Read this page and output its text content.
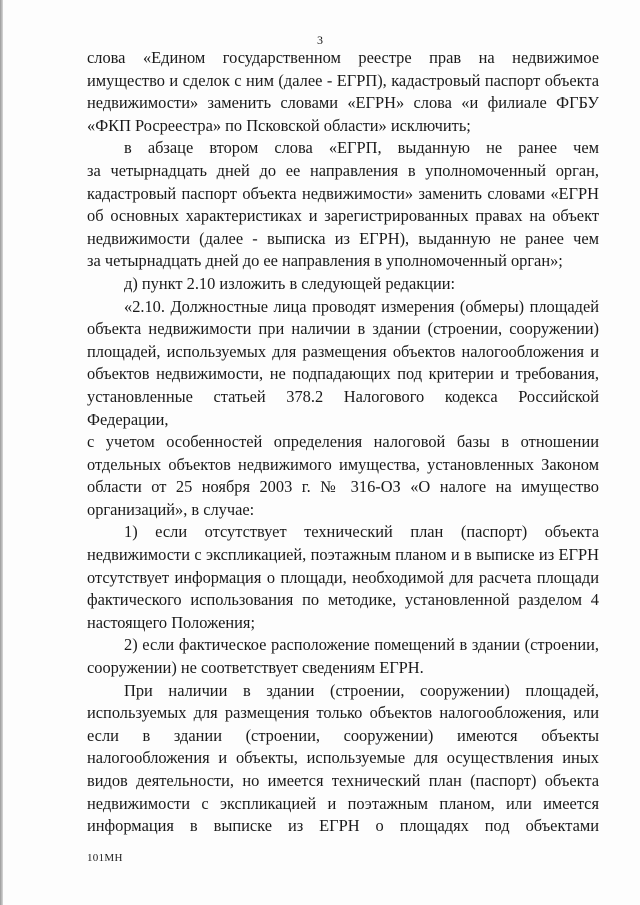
3

слова «Едином государственном реестре прав на недвижимое

имущество и сделок с ним (далее - ЕГРП), кадастровый паспорт объекта

недвижимости» заменить словами «ЕГРН» слова «и филиале ФГБУ

«ФКП Росреестра» по Псковской области» исключить;

в абзаце втором слова «ЕГРП, выданную не ранее чем

за четырнадцать дней до ее направления в уполномоченный орган,

кадастровый паспорт объекта недвижимости» заменить словами «ЕГРН

об основных характеристиках и зарегистрированных правах на объект

недвижимости (далее - выписка из ЕГРН), выданную не ранее чем

за четырнадцать дней до ее направления в уполномоченный орган»;

д) пункт 2.10 изложить в следующей редакции:

«2.10. Должностные лица проводят измерения (обмеры) площадей

объекта недвижимости при наличии в здании (строении, сооружении)

площадей, используемых для размещения объектов налогообложения и

объектов недвижимости, не подпадающих под критерии и требования,

установленные статьей 378.2 Налогового кодекса Российской Федерации,

с учетом особенностей определения налоговой базы в отношении

отдельных объектов недвижимого имущества, установленных Законом

области от 25 ноября 2003 г. № 316-ОЗ «О налоге на имущество

организаций», в случае:

1) если отсутствует технический план (паспорт) объекта

недвижимости с экспликацией, поэтажным планом и в выписке из ЕГРН

отсутствует информация о площади, необходимой для расчета площади

фактического использования по методике, установленной разделом 4

настоящего Положения;

2) если фактическое расположение помещений в здании (строении,

сооружении) не соответствует сведениям ЕГРН.

При наличии в здании (строении, сооружении) площадей,

используемых для размещения только объектов налогообложения, или

если в здании (строении, сооружении) имеются объекты

налогообложения и объекты, используемые для осуществления иных

видов деятельности, но имеется технический план (паспорт) объекта

недвижимости с экспликацией и поэтажным планом, или имеется

информация в выписке из ЕГРН о площадях под объектами

101МН
